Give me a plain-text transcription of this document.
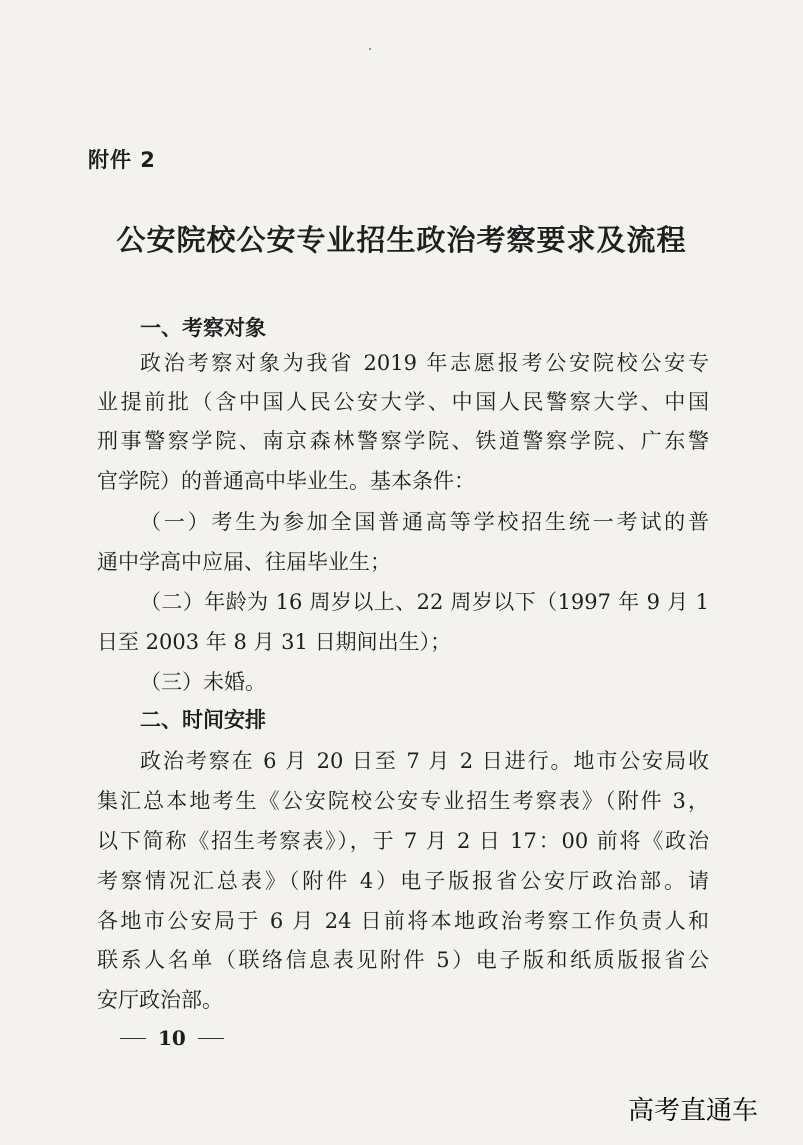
附件 2
公安院校公安专业招生政治考察要求及流程
一、考察对象
政治考察对象为我省 2019 年志愿报考公安院校公安专
业提前批（含中国人民公安大学、中国人民警察大学、中国
刑事警察学院、南京森林警察学院、铁道警察学院、广东警
官学院）的普通高中毕业生。基本条件：
（一）考生为参加全国普通高等学校招生统一考试的普
通中学高中应届、往届毕业生；
（二）年龄为 16 周岁以上、22 周岁以下（1997 年 9 月 1
日至 2003 年 8 月 31 日期间出生）；
（三）未婚。
二、时间安排
政治考察在 6 月 20 日至 7 月 2 日进行。地市公安局收
集汇总本地考生《公安院校公安专业招生考察表》（附件 3，
以下简称《招生考察表》），于 7 月 2 日 17：00 前将《政治
考察情况汇总表》（附件 4）电子版报省公安厅政治部。请
各地市公安局于 6 月 24 日前将本地政治考察工作负责人和
联系人名单（联络信息表见附件 5）电子版和纸质版报省公
安厅政治部。
10
高考直通车
